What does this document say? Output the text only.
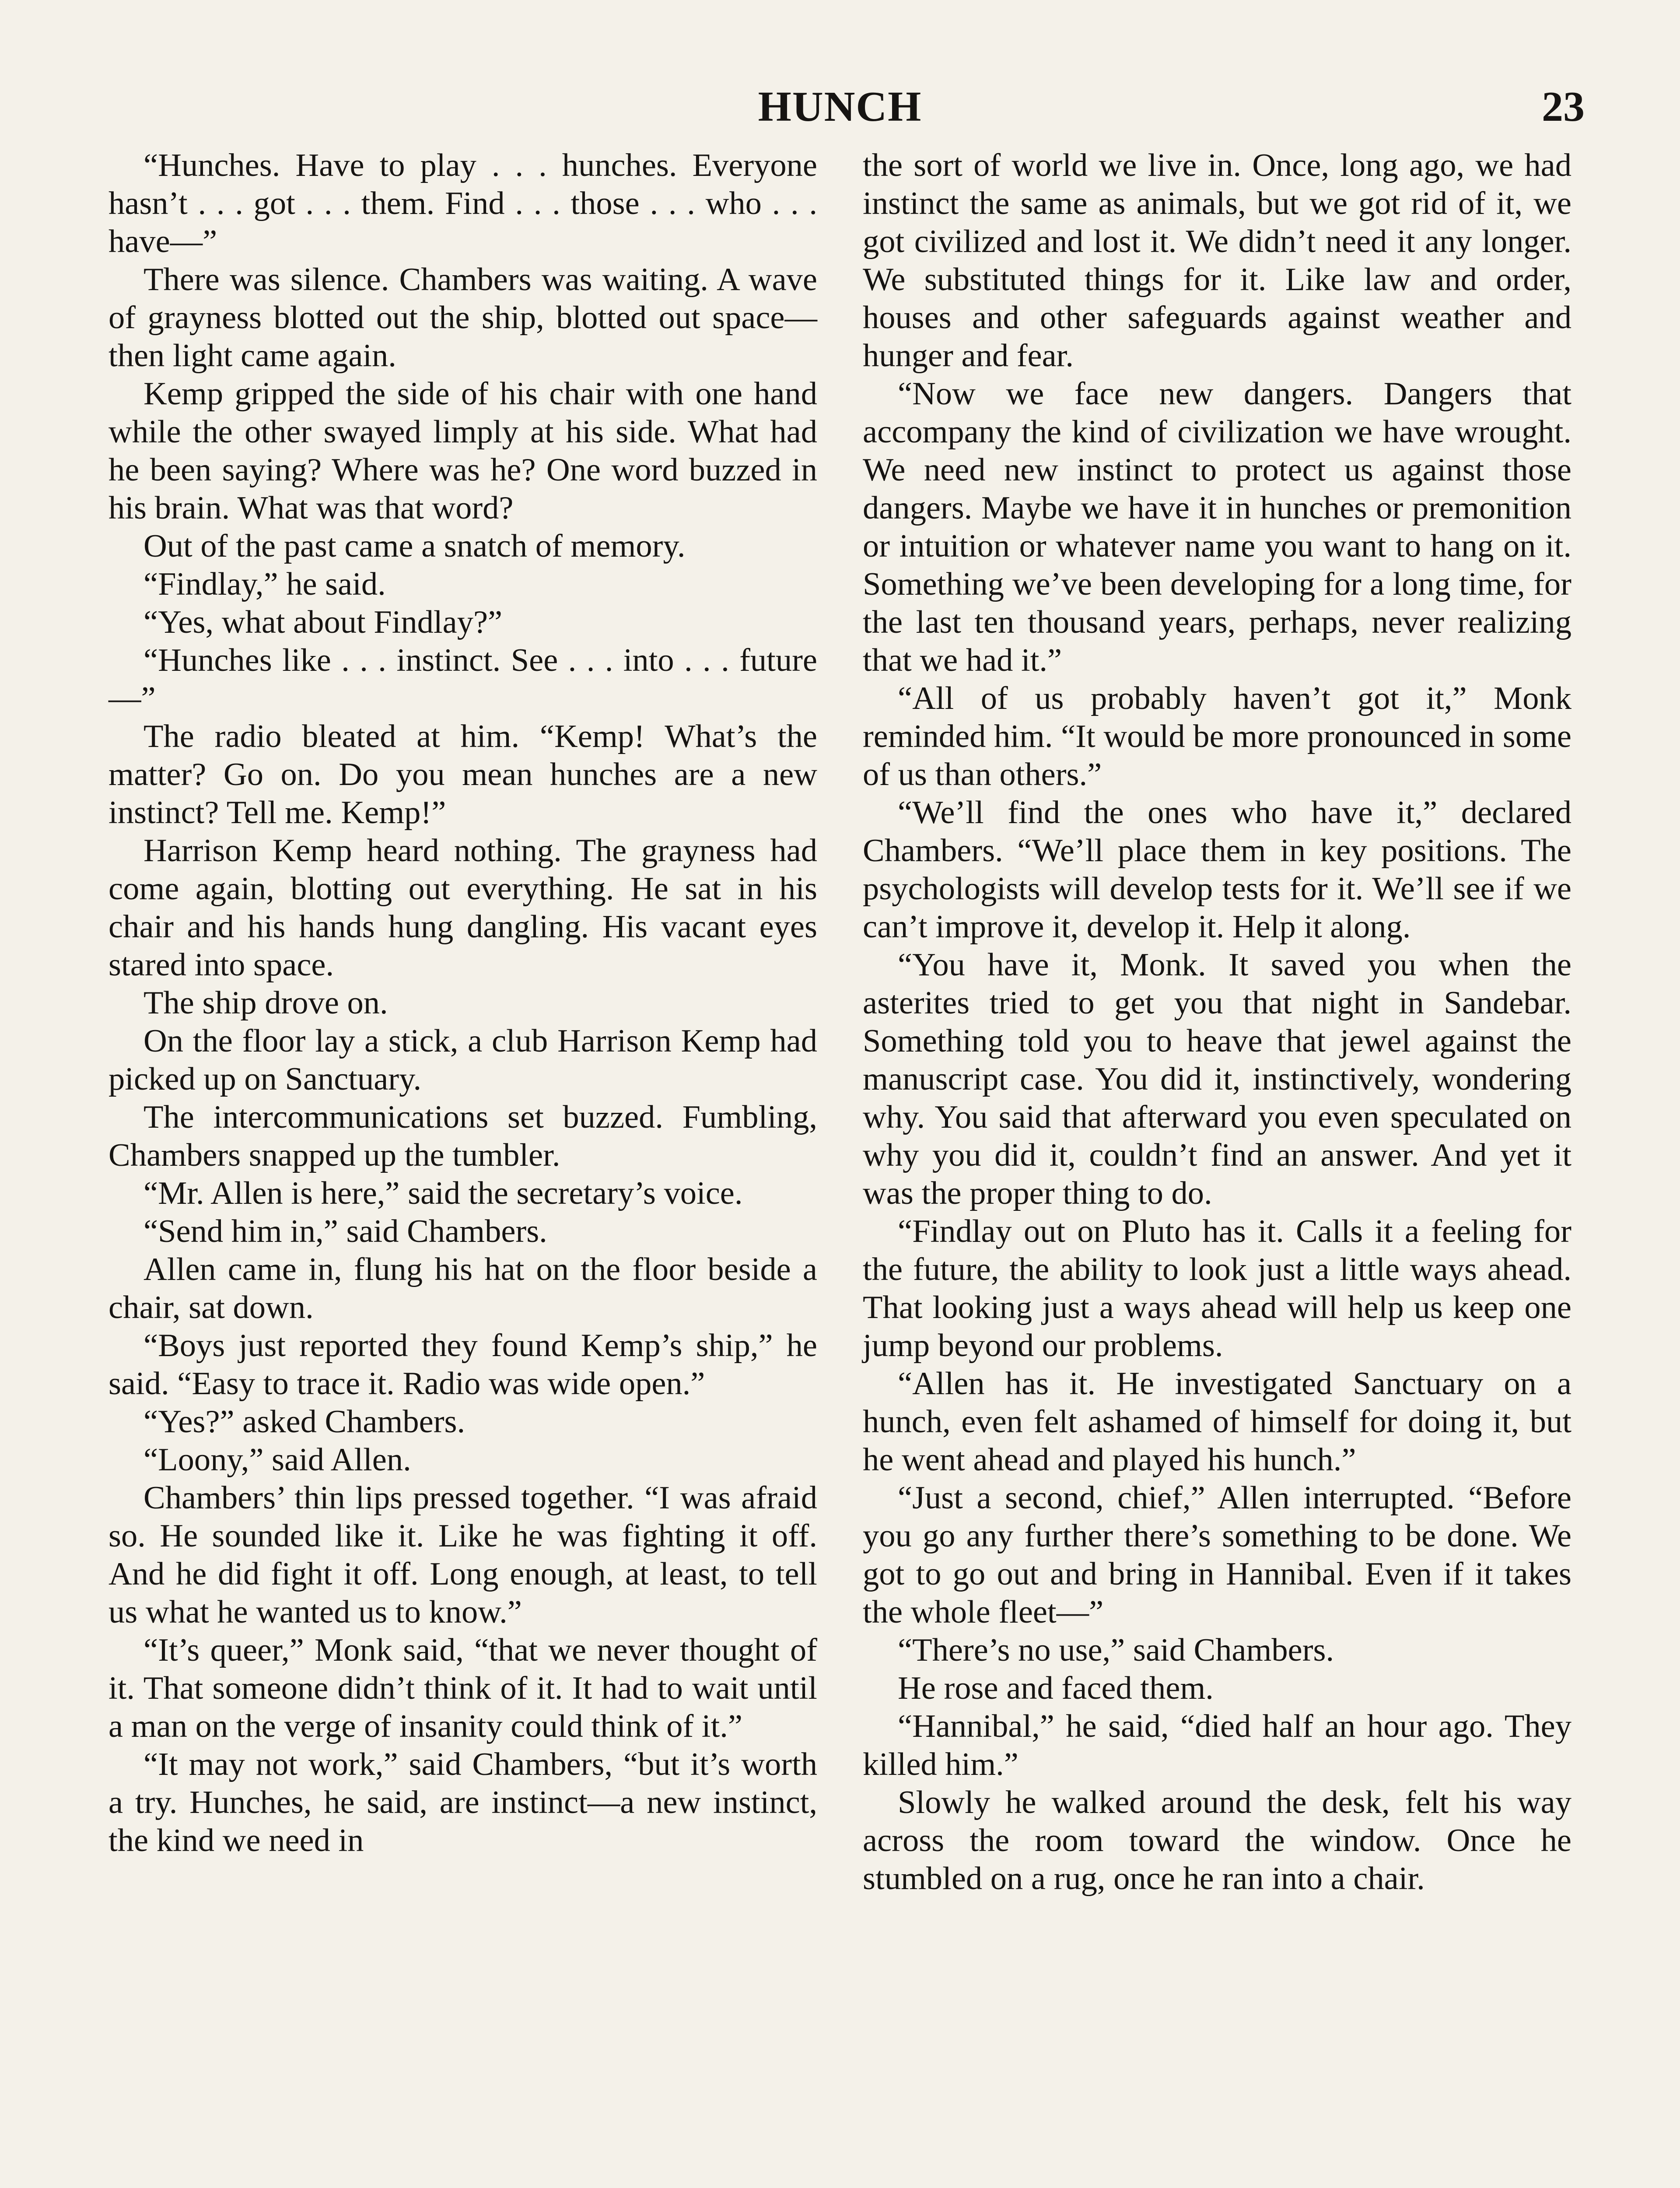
HUNCH	23

“Hunches. Have to play . . . hunches. Everyone hasn’t . . . got . . . them. Find . . . those . . . who . . . have—”

There was silence. Chambers was waiting. A wave of grayness blotted out the ship, blotted out space—then light came again.

Kemp gripped the side of his chair with one hand while the other swayed limply at his side. What had he been saying? Where was he? One word buzzed in his brain. What was that word?

Out of the past came a snatch of memory.

“Findlay,” he said.

“Yes, what about Findlay?”

“Hunches like . . . instinct. See . . . into . . . future—”

The radio bleated at him. “Kemp! What’s the matter? Go on. Do you mean hunches are a new instinct? Tell me. Kemp!”

Harrison Kemp heard nothing. The grayness had come again, blotting out everything. He sat in his chair and his hands hung dangling. His vacant eyes stared into space.

The ship drove on.

On the floor lay a stick, a club Harrison Kemp had picked up on Sanctuary.

The intercommunications set buzzed. Fumbling, Chambers snapped up the tumbler.

“Mr. Allen is here,” said the secretary’s voice.

“Send him in,” said Chambers.

Allen came in, flung his hat on the floor beside a chair, sat down.

“Boys just reported they found Kemp’s ship,” he said. “Easy to trace it. Radio was wide open.”

“Yes?” asked Chambers.

“Loony,” said Allen.

Chambers’ thin lips pressed together. “I was afraid so. He sounded like it. Like he was fighting it off. And he did fight it off. Long enough, at least, to tell us what he wanted us to know.”

“It’s queer,” Monk said, “that we never thought of it. That someone didn’t think of it. It had to wait until a man on the verge of insanity could think of it.”

“It may not work,” said Chambers, “but it’s worth a try. Hunches, he said, are instinct—a new instinct, the kind we need in

the sort of world we live in. Once, long ago, we had instinct the same as animals, but we got rid of it, we got civilized and lost it. We didn’t need it any longer. We substituted things for it. Like law and order, houses and other safeguards against weather and hunger and fear.

“Now we face new dangers. Dangers that accompany the kind of civilization we have wrought. We need new instinct to protect us against those dangers. Maybe we have it in hunches or premonition or intuition or whatever name you want to hang on it. Something we’ve been developing for a long time, for the last ten thousand years, perhaps, never realizing that we had it.”

“All of us probably haven’t got it,” Monk reminded him. “It would be more pronounced in some of us than others.”

“We’ll find the ones who have it,” declared Chambers. “We’ll place them in key positions. The psychologists will develop tests for it. We’ll see if we can’t improve it, develop it. Help it along.

“You have it, Monk. It saved you when the asterites tried to get you that night in Sandebar. Something told you to heave that jewel against the manuscript case. You did it, instinctively, wondering why. You said that afterward you even speculated on why you did it, couldn’t find an answer. And yet it was the proper thing to do.

“Findlay out on Pluto has it. Calls it a feeling for the future, the ability to look just a little ways ahead. That looking just a ways ahead will help us keep one jump beyond our problems.

“Allen has it. He investigated Sanctuary on a hunch, even felt ashamed of himself for doing it, but he went ahead and played his hunch.”

“Just a second, chief,” Allen interrupted. “Before you go any further there’s something to be done. We got to go out and bring in Hannibal. Even if it takes the whole fleet—”

“There’s no use,” said Chambers.

He rose and faced them.

“Hannibal,” he said, “died half an hour ago. They killed him.”

Slowly he walked around the desk, felt his way across the room toward the window. Once he stumbled on a rug, once he ran into a chair.
